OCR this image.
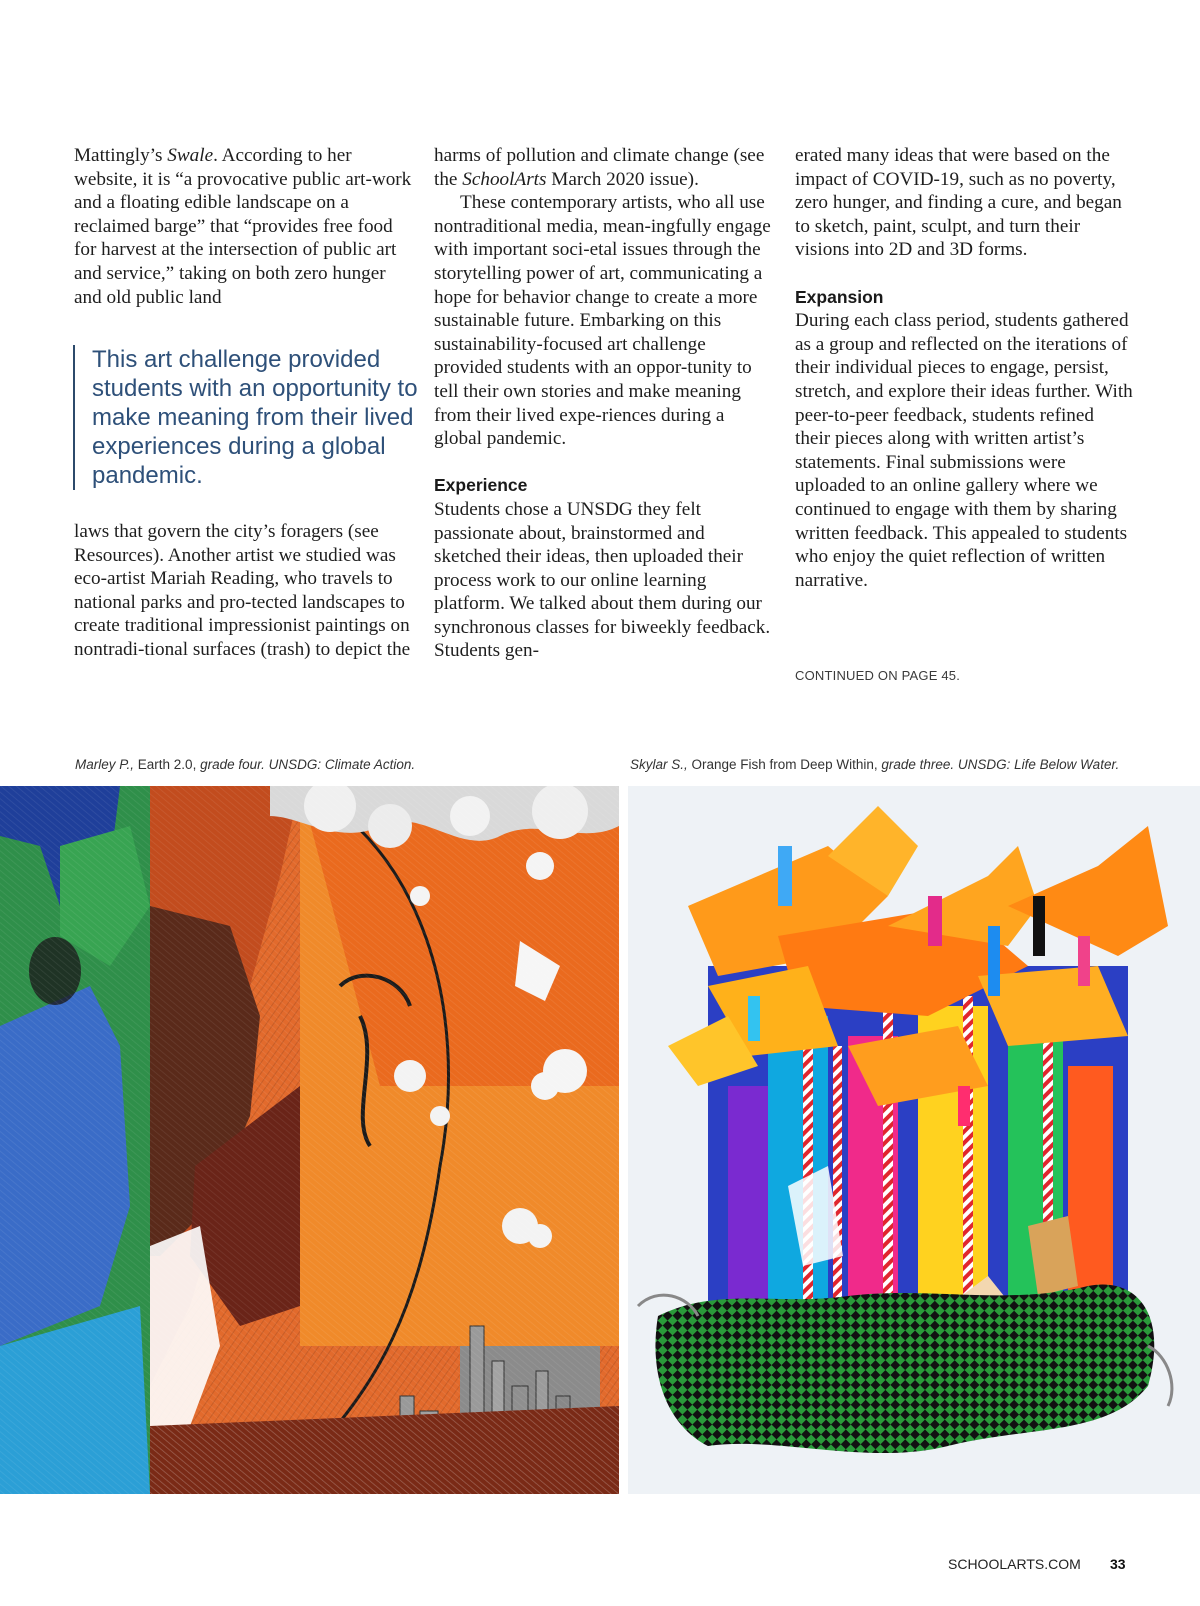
Mattingly’s Swale. According to her website, it is “a provocative public art-work and a floating edible landscape on a reclaimed barge” that “provides free food for harvest at the intersection of public art and service,” taking on both zero hunger and old public land

This art challenge provided students with an opportunity to make meaning from their lived experiences during a global pandemic.

laws that govern the city’s foragers (see Resources). Another artist we studied was eco-artist Mariah Reading, who travels to national parks and pro-tected landscapes to create traditional impressionist paintings on nontradi-tional surfaces (trash) to depict the

harms of pollution and climate change (see the SchoolArts March 2020 issue).

These contemporary artists, who all use nontraditional media, mean-ingfully engage with important soci-etal issues through the storytelling power of art, communicating a hope for behavior change to create a more sustainable future. Embarking on this sustainability-focused art challenge provided students with an oppor-tunity to tell their own stories and make meaning from their lived expe-riences during a global pandemic.

Experience

Students chose a UNSDG they felt passionate about, brainstormed and sketched their ideas, then uploaded their process work to our online learning platform. We talked about them during our synchronous classes for biweekly feedback. Students gen-

erated many ideas that were based on the impact of COVID-19, such as no poverty, zero hunger, and finding a cure, and began to sketch, paint, sculpt, and turn their visions into 2D and 3D forms.

Expansion

During each class period, students gathered as a group and reflected on the iterations of their individual pieces to engage, persist, stretch, and explore their ideas further. With peer-to-peer feedback, students refined their pieces along with written artist’s statements. Final submissions were uploaded to an online gallery where we continued to engage with them by sharing written feedback. This appealed to students who enjoy the quiet reflection of written narrative.

CONTINUED ON PAGE 45.
Marley P., Earth 2.0, grade four. UNSDG: Climate Action.	Skylar S., Orange Fish from Deep Within, grade three. UNSDG: Life Below Water.
SCHOOLARTS.COM 33
